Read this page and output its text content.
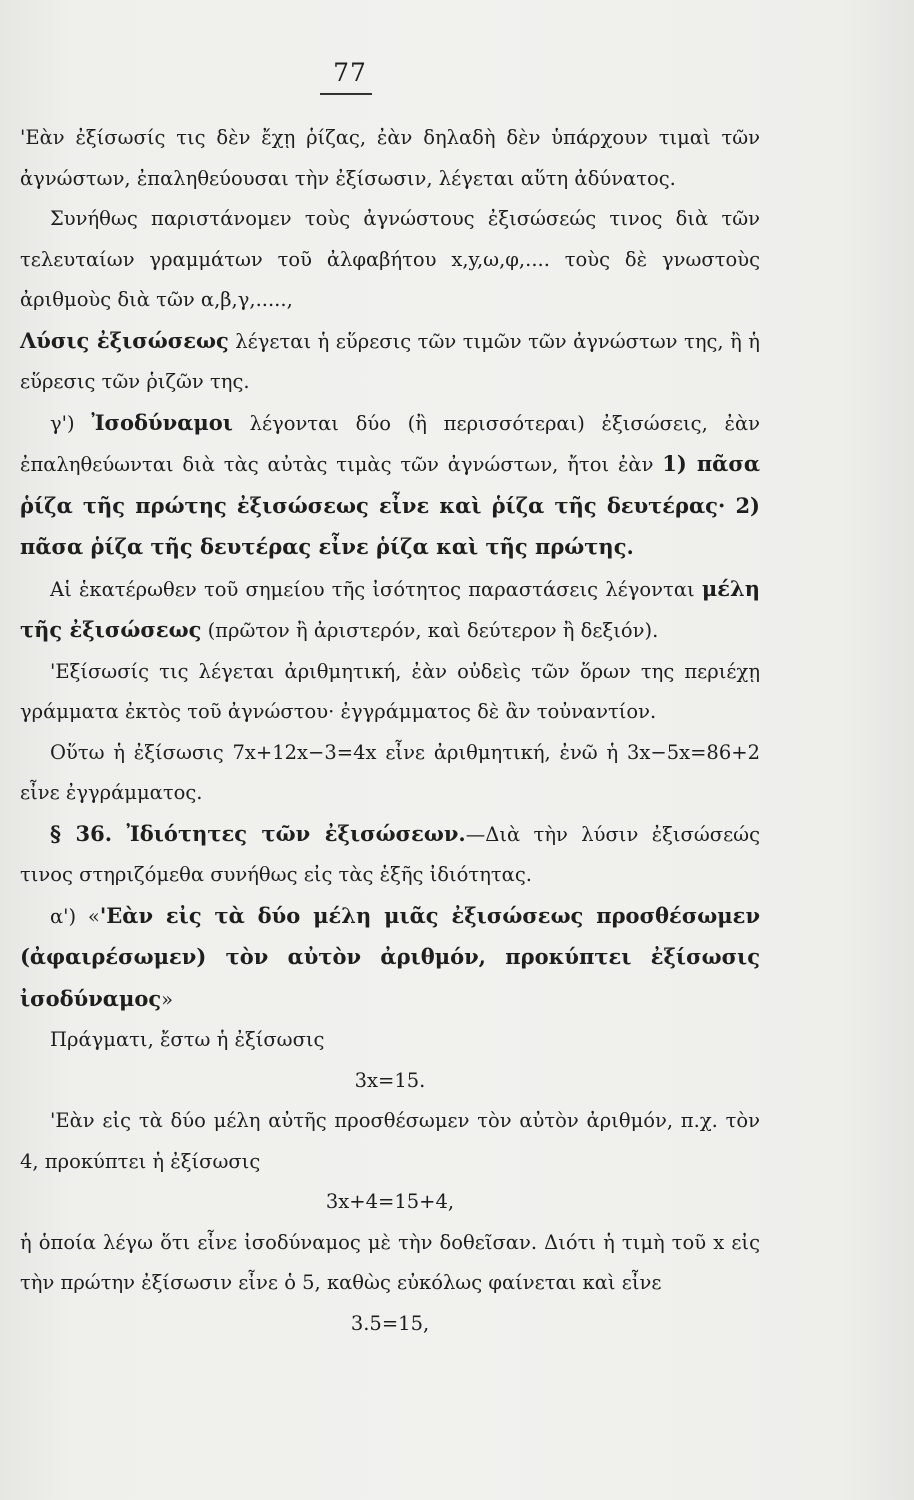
77

'Εὰν ἐξίσωσίς τις δὲν ἔχῃ ῥίζας, ἐὰν δηλαδὴ δὲν ὑπάρχουν τιμαὶ τῶν ἀγνώστων, ἐπαληθεύουσαι τὴν ἐξίσωσιν, λέγεται αὕτη ἀδύνατος.

Συνήθως παριστάνομεν τοὺς ἀγνώστους ἐξισώσεώς τινος διὰ τῶν τελευταίων γραμμάτων τοῦ ἀλφαβήτου x,y,ω,φ,.... τοὺς δὲ γνωστοὺς ἀριθμοὺς διὰ τῶν α,β,γ,.....,

Λύσις ἐξισώσεως λέγεται ἡ εὕρεσις τῶν τιμῶν τῶν ἀγνώστων της, ἢ ἡ εὕρεσις τῶν ῥιζῶν της.

γ') Ἰσοδύναμοι λέγονται δύο (ἢ περισσότεραι) ἐξισώσεις, ἐὰν ἐπαληθεύωνται διὰ τὰς αὐτὰς τιμὰς τῶν ἀγνώστων, ἤτοι ἐὰν 1) πᾶσα ῥίζα τῆς πρώτης ἐξισώσεως εἶνε καὶ ῥίζα τῆς δευτέρας· 2) πᾶσα ῥίζα τῆς δευτέρας εἶνε ῥίζα καὶ τῆς πρώτης.

Αἱ ἑκατέρωθεν τοῦ σημείου τῆς ἰσότητος παραστάσεις λέγονται μέλη τῆς ἐξισώσεως (πρῶτον ἢ ἀριστερόν, καὶ δεύτερον ἢ δεξιόν).

'Εξίσωσίς τις λέγεται ἀριθμητική, ἐὰν οὐδεὶς τῶν ὅρων της περιέχῃ γράμματα ἐκτὸς τοῦ ἀγνώστου· ἐγγράμματος δὲ ἂν τοὐναντίον.

Οὕτω ἡ ἐξίσωσις 7x+12x−3=4x εἶνε ἀριθμητική, ἐνῶ ἡ 3x−5x=86+2 εἶνε ἐγγράμματος.

§ 36. Ἰδιότητες τῶν ἐξισώσεων.—Διὰ τὴν λύσιν ἐξισώσεώς τινος στηριζόμεθα συνήθως εἰς τὰς ἑξῆς ἰδιότητας.

α') «'Εὰν εἰς τὰ δύο μέλη μιᾶς ἐξισώσεως προσθέσωμεν (ἀφαιρέσωμεν) τὸν αὐτὸν ἀριθμόν, προκύπτει ἐξίσωσις ἰσοδύναμος»

Πράγματι, ἔστω ἡ ἐξίσωσις

3x=15.

'Εὰν εἰς τὰ δύο μέλη αὐτῆς προσθέσωμεν τὸν αὐτὸν ἀριθμόν, π.χ. τὸν 4, προκύπτει ἡ ἐξίσωσις

3x+4=15+4,

ἡ ὁποία λέγω ὅτι εἶνε ἰσοδύναμος μὲ τὴν δοθεῖσαν. Διότι ἡ τιμὴ τοῦ x εἰς τὴν πρώτην ἐξίσωσιν εἶνε ὁ 5, καθὼς εὐκόλως φαίνεται καὶ εἶνε

3.5=15,
